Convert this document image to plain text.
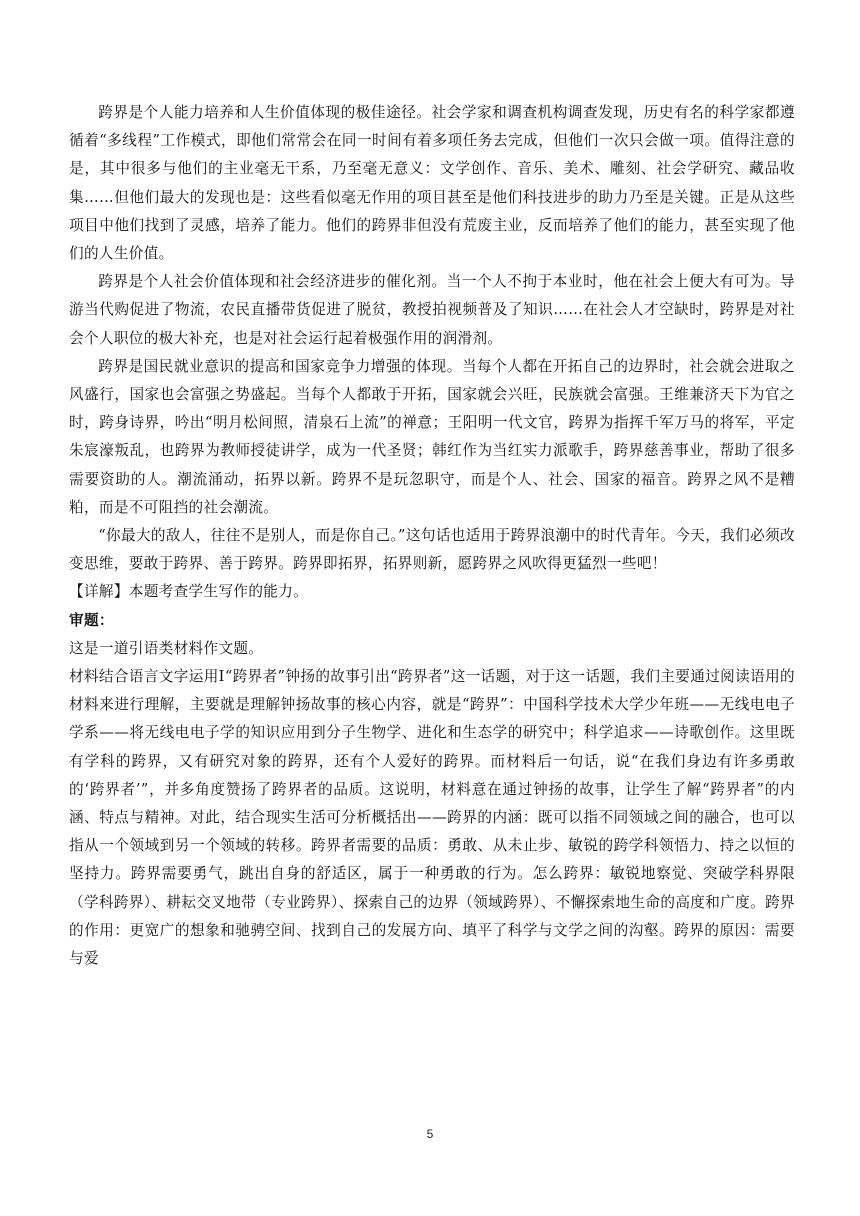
跨界是个人能力培养和人生价值体现的极佳途径。社会学家和调查机构调查发现，历史有名的科学家都遵循着“多线程”工作模式，即他们常常会在同一时间有着多项任务去完成，但他们一次只会做一项。值得注意的是，其中很多与他们的主业毫无干系，乃至毫无意义：文学创作、音乐、美术、雕刻、社会学研究、藏品收集……但他们最大的发现也是：这些看似毫无作用的项目甚至是他们科技进步的助力乃至是关键。正是从这些项目中他们找到了灵感，培养了能力。他们的跨界非但没有荒废主业，反而培养了他们的能力，甚至实现了他们的人生价值。

跨界是个人社会价值体现和社会经济进步的催化剂。当一个人不拘于本业时，他在社会上便大有可为。导游当代购促进了物流，农民直播带货促进了脱贫，教授拍视频普及了知识……在社会人才空缺时，跨界是对社会个人职位的极大补充，也是对社会运行起着极强作用的润滑剂。

跨界是国民就业意识的提高和国家竞争力增强的体现。当每个人都在开拓自己的边界时，社会就会进取之风盛行，国家也会富强之势盛起。当每个人都敢于开拓，国家就会兴旺，民族就会富强。王维兼济天下为官之时，跨身诗界，吟出“明月松间照，清泉石上流”的禅意；王阳明一代文官，跨界为指挥千军万马的将军，平定朱宸濠叛乱，也跨界为教师授徒讲学，成为一代圣贤；韩红作为当红实力派歌手，跨界慈善事业，帮助了很多需要资助的人。潮流涌动，拓界以新。跨界不是玩忽职守，而是个人、社会、国家的福音。跨界之风不是糟粕，而是不可阻挡的社会潮流。

“你最大的敌人，往往不是别人，而是你自己。”这句话也适用于跨界浪潮中的时代青年。今天，我们必须改变思维，要敢于跨界、善于跨界。跨界即拓界，拓界则新，愿跨界之风吹得更猛烈一些吧！

【详解】本题考查学生写作的能力。

审题：

这是一道引语类材料作文题。

材料结合语言文字运用Ⅰ“跨界者”钟扬的故事引出“跨界者”这一话题，对于这一话题，我们主要通过阅读语用的材料来进行理解，主要就是理解钟扬故事的核心内容，就是“跨界”：中国科学技术大学少年班——无线电电子学系——将无线电电子学的知识应用到分子生物学、进化和生态学的研究中；科学追求——诗歌创作。这里既有学科的跨界，又有研究对象的跨界，还有个人爱好的跨界。而材料后一句话，说“在我们身边有许多勇敢的‘跨界者’”，并多角度赞扬了跨界者的品质。这说明，材料意在通过钟扬的故事，让学生了解“跨界者”的内涵、特点与精神。对此，结合现实生活可分析概括出——跨界的内涵：既可以指不同领域之间的融合，也可以指从一个领域到另一个领域的转移。跨界者需要的品质：勇敢、从未止步、敏锐的跨学科领悟力、持之以恒的坚持力。跨界需要勇气，跳出自身的舒适区，属于一种勇敢的行为。怎么跨界：敏锐地察觉、突破学科界限（学科跨界）、耕耘交叉地带（专业跨界）、探索自己的边界（领域跨界）、不懈探索地生命的高度和广度。跨界的作用：更宽广的想象和驰骋空间、找到自己的发展方向、填平了科学与文学之间的沟壑。跨界的原因：需要与爱

5
